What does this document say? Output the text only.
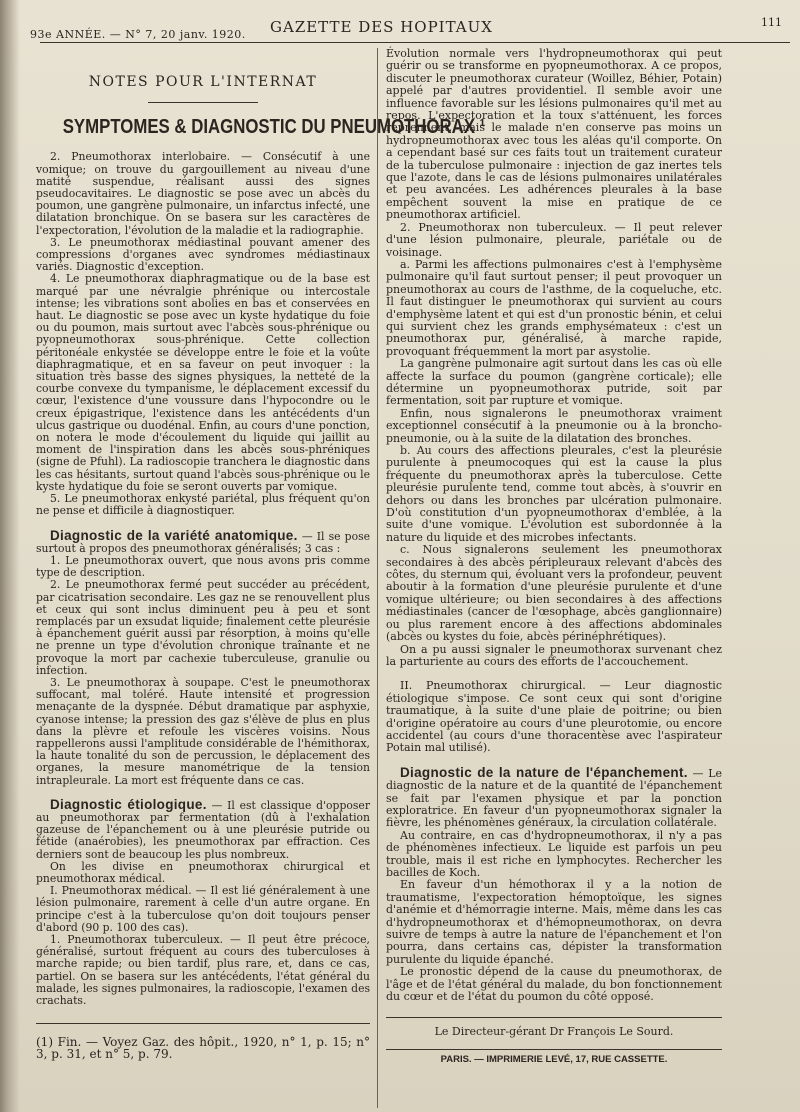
93e ANNÉE. — N° 7, 20 janv. 1920. GAZETTE DES HOPITAUX	111
NOTES POUR L'INTERNAT
SYMPTOMES & DIAGNOSTIC DU PNEUMOTHORAX ¹

2. Pneumothorax interlobaire. — Consécutif à une vomique; on trouve du gargouillement au niveau d'une matité suspendue, réalisant aussi des signes pseudocavitaires. Le diagnostic se pose avec un abcès du poumon, une gangrène pulmonaire, un infarctus infecté, une dilatation bronchique. On se basera sur les caractères de l'expectoration, l'évolution de la maladie et la radiographie.

3. Le pneumothorax médiastinal pouvant amener des compressions d'organes avec syndromes médiastinaux variés. Diagnostic d'exception.

4. Le pneumothorax diaphragmatique ou de la base est marqué par une névralgie phrénique ou intercostale intense; les vibrations sont abolies en bas et conservées en haut. Le diagnostic se pose avec un kyste hydatique du foie ou du poumon, mais surtout avec l'abcès sous-phrénique ou pyopneumothorax sous-phrénique. Cette collection péritonéale enkystée se développe entre le foie et la voûte diaphragmatique, et en sa faveur on peut invoquer : la situation très basse des signes physiques, la netteté de la courbe convexe du tympanisme, le déplacement excessif du cœur, l'existence d'une voussure dans l'hypocondre ou le creux épigastrique, l'existence dans les antécédents d'un ulcus gastrique ou duodénal. Enfin, au cours d'une ponction, on notera le mode d'écoulement du liquide qui jaillit au moment de l'inspiration dans les abcès sous-phréniques (signe de Pfuhl). La radioscopie tranchera le diagnostic dans les cas hésitants, surtout quand l'abcès sous-phrénique ou le kyste hydatique du foie se seront ouverts par vomique.

5. Le pneumothorax enkysté pariétal, plus fréquent qu'on ne pense et difficile à diagnostiquer.

Diagnostic de la variété anatomique. — Il se pose surtout à propos des pneumothorax généralisés; 3 cas :

1. Le pneumothorax ouvert, que nous avons pris comme type de description.

2. Le pneumothorax fermé peut succéder au précédent, par cicatrisation secondaire. Les gaz ne se renouvellent plus et ceux qui sont inclus diminuent peu à peu et sont remplacés par un exsudat liquide; finalement cette pleurésie à épanchement guérit aussi par résorption, à moins qu'elle ne prenne un type d'évolution chronique traînante et ne provoque la mort par cachexie tuberculeuse, granulie ou infection.

3. Le pneumothorax à soupape. C'est le pneumothorax suffocant, mal toléré. Haute intensité et progression menaçante de la dyspnée. Début dramatique par asphyxie, cyanose intense; la pression des gaz s'élève de plus en plus dans la plèvre et refoule les viscères voisins. Nous rappellerons aussi l'amplitude considérable de l'hémithorax, la haute tonalité du son de percussion, le déplacement des organes, la mesure manométrique de la tension intrapleurale. La mort est fréquente dans ce cas.

Diagnostic étiologique. — Il est classique d'opposer au pneumothorax par fermentation (dû à l'exhalation gazeuse de l'épanchement ou à une pleurésie putride ou fétide (anaérobies), les pneumothorax par effraction. Ces derniers sont de beaucoup les plus nombreux.

On les divise en pneumothorax chirurgical et pneumothorax médical.

I. Pneumothorax médical. — Il est lié généralement à une lésion pulmonaire, rarement à celle d'un autre organe. En principe c'est à la tuberculose qu'on doit toujours penser d'abord (90 p. 100 des cas).

1. Pneumothorax tuberculeux. — Il peut être précoce, généralisé, surtout fréquent au cours des tuberculoses à marche rapide; ou bien tardif, plus rare, et, dans ce cas, partiel. On se basera sur les antécédents, l'état général du malade, les signes pulmonaires, la radioscopie, l'examen des crachats.

(1) Fin. — Voyez Gaz. des hôpit., 1920, n° 1, p. 15; n° 3, p. 31, et n° 5, p. 79.

Évolution normale vers l'hydropneumothorax qui peut guérir ou se transforme en pyopneumothorax. A ce propos, discuter le pneumothorax curateur (Woillez, Béhier, Potain) appelé par d'autres providentiel. Il semble avoir une influence favorable sur les lésions pulmonaires qu'il met au repos. L'expectoration et la toux s'atténuent, les forces reprennent, mais le malade n'en conserve pas moins un hydropneumothorax avec tous les aléas qu'il comporte. On a cependant basé sur ces faits tout un traitement curateur de la tuberculose pulmonaire : injection de gaz inertes tels que l'azote, dans le cas de lésions pulmonaires unilatérales et peu avancées. Les adhérences pleurales à la base empêchent souvent la mise en pratique de ce pneumothorax artificiel.

2. Pneumothorax non tuberculeux. — Il peut relever d'une lésion pulmonaire, pleurale, pariétale ou de voisinage.

a. Parmi les affections pulmonaires c'est à l'emphysème pulmonaire qu'il faut surtout penser; il peut provoquer un pneumothorax au cours de l'asthme, de la coqueluche, etc. Il faut distinguer le pneumothorax qui survient au cours d'emphysème latent et qui est d'un pronostic bénin, et celui qui survient chez les grands emphysémateux : c'est un pneumothorax pur, généralisé, à marche rapide, provoquant fréquemment la mort par asystolie.

La gangrène pulmonaire agit surtout dans les cas où elle affecte la surface du poumon (gangrène corticale); elle détermine un pyopneumothorax putride, soit par fermentation, soit par rupture et vomique.

Enfin, nous signalerons le pneumothorax vraiment exceptionnel consécutif à la pneumonie ou à la broncho-pneumonie, ou à la suite de la dilatation des bronches.

b. Au cours des affections pleurales, c'est la pleurésie purulente à pneumocoques qui est la cause la plus fréquente du pneumothorax après la tuberculose. Cette pleurésie purulente tend, comme tout abcès, à s'ouvrir en dehors ou dans les bronches par ulcération pulmonaire. D'où constitution d'un pyopneumothorax d'emblée, à la suite d'une vomique. L'évolution est subordonnée à la nature du liquide et des microbes infectants.

c. Nous signalerons seulement les pneumothorax secondaires à des abcès péripleuraux relevant d'abcès des côtes, du sternum qui, évoluant vers la profondeur, peuvent aboutir à la formation d'une pleurésie purulente et d'une vomique ultérieure; ou bien secondaires à des affections médiastinales (cancer de l'œsophage, abcès ganglionnaire) ou plus rarement encore à des affections abdominales (abcès ou kystes du foie, abcès périnéphrétiques).

On a pu aussi signaler le pneumothorax survenant chez la parturiente au cours des efforts de l'accouchement.

II. Pneumothorax chirurgical. — Leur diagnostic étiologique s'impose. Ce sont ceux qui sont d'origine traumatique, à la suite d'une plaie de poitrine; ou bien d'origine opératoire au cours d'une pleurotomie, ou encore accidentel (au cours d'une thoracentèse avec l'aspirateur Potain mal utilisé).

Diagnostic de la nature de l'épanchement. — Le diagnostic de la nature et de la quantité de l'épanchement se fait par l'examen physique et par la ponction exploratrice. En faveur d'un pyopneumothorax signaler la fièvre, les phénomènes généraux, la circulation collatérale.

Au contraire, en cas d'hydropneumothorax, il n'y a pas de phénomènes infectieux. Le liquide est parfois un peu trouble, mais il est riche en lymphocytes. Rechercher les bacilles de Koch.

En faveur d'un hémothorax il y a la notion de traumatisme, l'expectoration hémoptoïque, les signes d'anémie et d'hémorragie interne. Mais, même dans les cas d'hydropneumothorax et d'hémopneumothorax, on devra suivre de temps à autre la nature de l'épanchement et l'on pourra, dans certains cas, dépister la transformation purulente du liquide épanché.

Le pronostic dépend de la cause du pneumothorax, de l'âge et de l'état général du malade, du bon fonctionnement du cœur et de l'état du poumon du côté opposé.

Le Directeur-gérant Dr François Le Sourd.
PARIS. — IMPRIMERIE LEVÉ, 17, RUE CASSETTE.
